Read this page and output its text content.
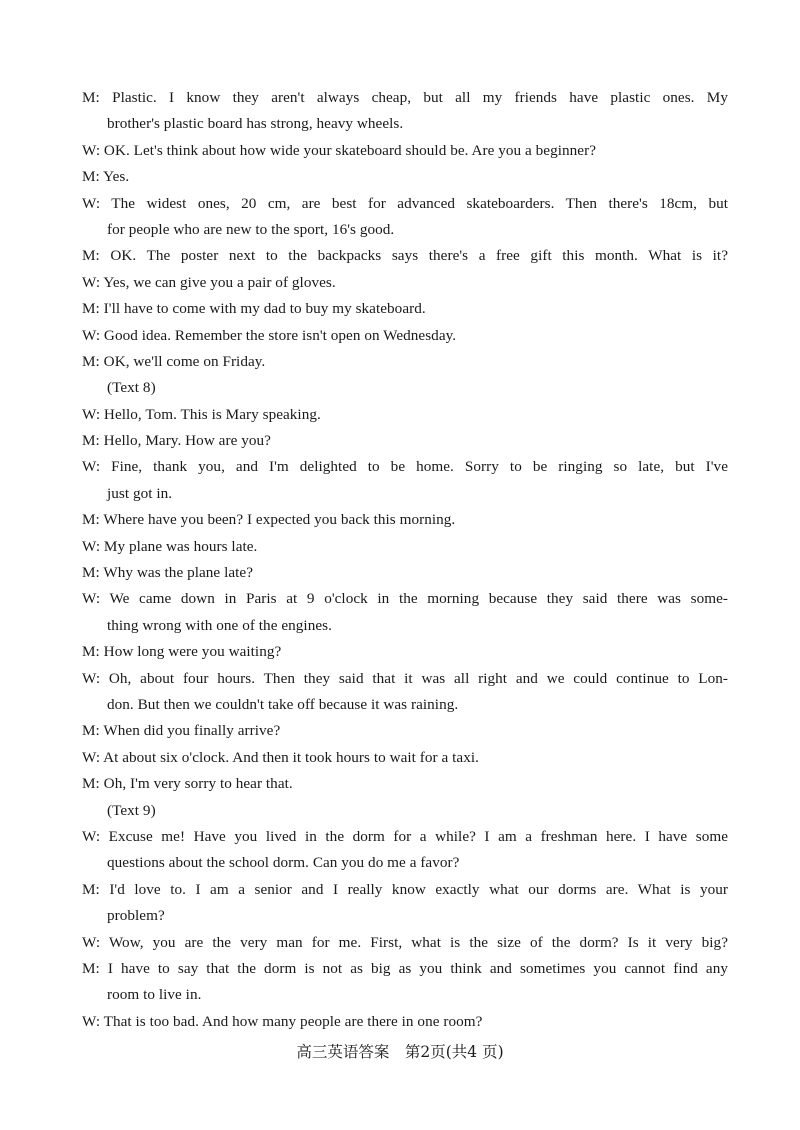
M: Plastic. I know they aren't always cheap, but all my friends have plastic ones. My
brother's plastic board has strong, heavy wheels.
W: OK. Let's think about how wide your skateboard should be. Are you a beginner?
M: Yes.
W: The widest ones, 20 cm, are best for advanced skateboarders. Then there's 18cm, but
for people who are new to the sport, 16's good.
M: OK. The poster next to the backpacks says there's a free gift this month. What is it?
W: Yes, we can give you a pair of gloves.
M: I'll have to come with my dad to buy my skateboard.
W: Good idea. Remember the store isn't open on Wednesday.
M: OK, we'll come on Friday.
(Text 8)
W: Hello, Tom. This is Mary speaking.
M: Hello, Mary. How are you?
W: Fine, thank you, and I'm delighted to be home. Sorry to be ringing so late, but I've
just got in.
M: Where have you been? I expected you back this morning.
W: My plane was hours late.
M: Why was the plane late?
W: We came down in Paris at 9 o'clock in the morning because they said there was some-
thing wrong with one of the engines.
M: How long were you waiting?
W: Oh, about four hours. Then they said that it was all right and we could continue to Lon-
don. But then we couldn't take off because it was raining.
M: When did you finally arrive?
W: At about six o'clock. And then it took hours to wait for a taxi.
M: Oh, I'm very sorry to hear that.
(Text 9)
W: Excuse me! Have you lived in the dorm for a while? I am a freshman here. I have some
questions about the school dorm. Can you do me a favor?
M: I'd love to. I am a senior and I really know exactly what our dorms are. What is your
problem?
W: Wow, you are the very man for me. First, what is the size of the dorm? Is it very big?
M: I have to say that the dorm is not as big as you think and sometimes you cannot find any
room to live in.
W: That is too bad. And how many people are there in one room?
高三英语答案　第2页(共4 页)
